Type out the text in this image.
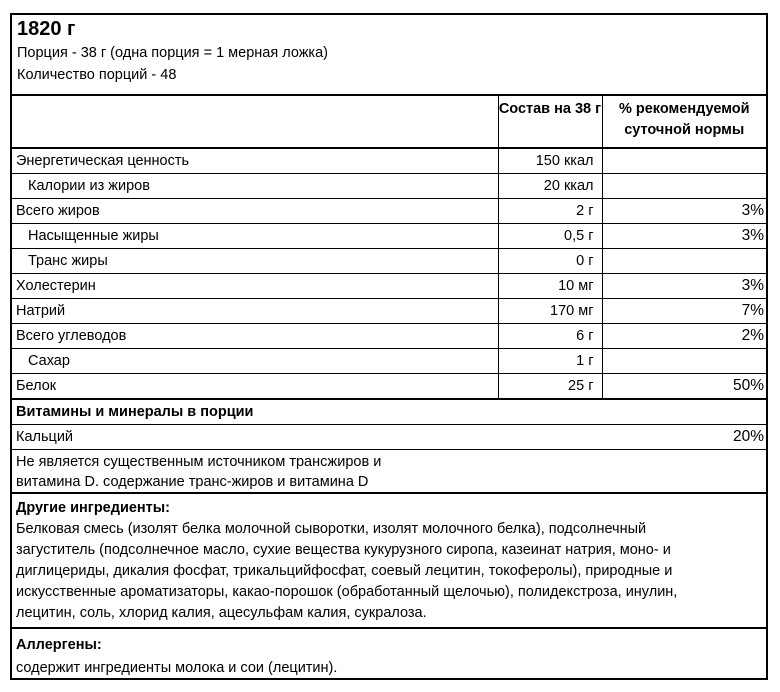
1820 г
Порция - 38 г (одна порция = 1 мерная ложка)
Количество порций - 48
	Состав на 38 г	% рекомендуемой суточной нормы
Энергетическая ценность	150 ккал	
Калории из жиров	20 ккал	
Всего жиров	2 г	3%
Насыщенные жиры	0,5 г	3%
Транс жиры	0 г	
Холестерин	10 мг	3%
Натрий	170 мг	7%
Всего углеводов	6 г	2%
Сахар	1 г	
Белок	25 г	50%
Витамины и минералы в порции
Кальций	20%
Не является существенным источником трансжиров и
витамина D. содержание транс-жиров и витамина D
Другие ингредиенты:
Белковая смесь (изолят белка молочной сыворотки, изолят молочного белка), подсолнечный
загуститель (подсолнечное масло, сухие вещества кукурузного сиропа, казеинат натрия, моно- и
диглицериды, дикалия фосфат, трикальцийфосфат, соевый лецитин, токоферолы), природные и
искусственные ароматизаторы, какао-порошок (обработанный щелочью), полидекстроза, инулин,
лецитин, соль, хлорид калия, ацесульфам калия, сукралоза.
Аллергены:
содержит ингредиенты молока и сои (лецитин).
